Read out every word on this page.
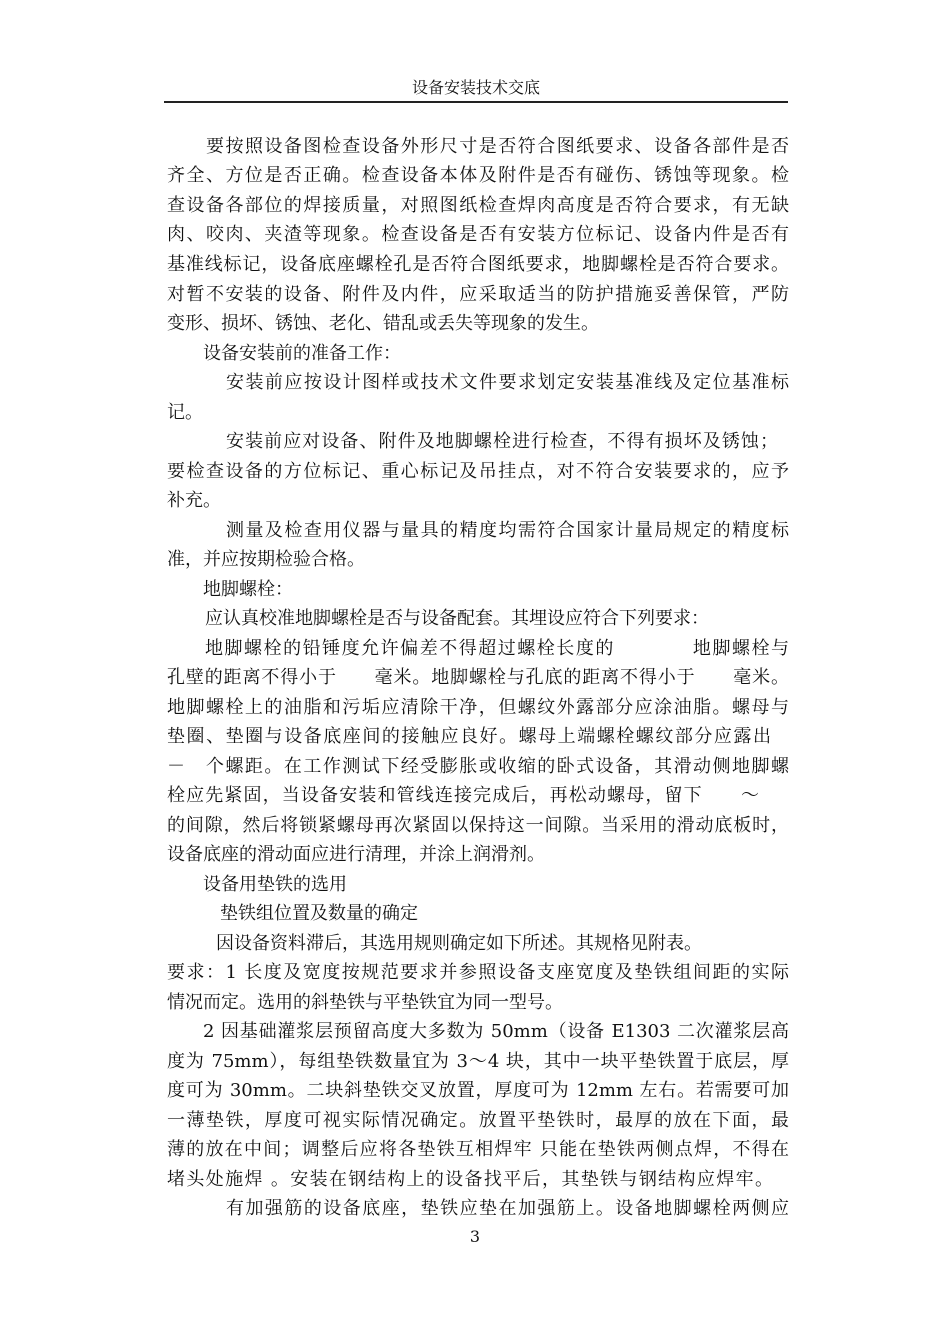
设备安装技术交底
要按照设备图检查设备外形尺寸是否符合图纸要求、设备各部件是否
齐全、方位是否正确。检查设备本体及附件是否有碰伤、锈蚀等现象。检
查设备各部位的焊接质量，对照图纸检查焊肉高度是否符合要求，有无缺
肉、咬肉、夹渣等现象。检查设备是否有安装方位标记、设备内件是否有
基准线标记，设备底座螺栓孔是否符合图纸要求，地脚螺栓是否符合要求。
对暂不安装的设备、附件及内件，应采取适当的防护措施妥善保管，严防
变形、损坏、锈蚀、老化、错乱或丢失等现象的发生。
设备安装前的准备工作：
安装前应按设计图样或技术文件要求划定安装基准线及定位基准标
记。
安装前应对设备、附件及地脚螺栓进行检查，不得有损坏及锈蚀；
要检查设备的方位标记、重心标记及吊挂点，对不符合安装要求的，应予
补充。
测量及检查用仪器与量具的精度均需符合国家计量局规定的精度标
准，并应按期检验合格。
地脚螺栓：
应认真校准地脚螺栓是否与设备配套。其埋设应符合下列要求：
地脚螺栓的铅锤度允许偏差不得超过螺栓长度的　　　　地脚螺栓与
孔壁的距离不得小于　　毫米。地脚螺栓与孔底的距离不得小于　　毫米。
地脚螺栓上的油脂和污垢应清除干净，但螺纹外露部分应涂油脂。螺母与
垫圈、垫圈与设备底座间的接触应良好。螺母上端螺栓螺纹部分应露出
－　个螺距。在工作测试下经受膨胀或收缩的卧式设备，其滑动侧地脚螺
栓应先紧固，当设备安装和管线连接完成后，再松动螺母，留下　　～
的间隙，然后将锁紧螺母再次紧固以保持这一间隙。当采用的滑动底板时，
设备底座的滑动面应进行清理，并涂上润滑剂。
设备用垫铁的选用
垫铁组位置及数量的确定
因设备资料滞后，其选用规则确定如下所述。其规格见附表。
要求：1 长度及宽度按规范要求并参照设备支座宽度及垫铁组间距的实际
情况而定。选用的斜垫铁与平垫铁宜为同一型号。
2 因基础灌浆层预留高度大多数为 50mm（设备 E1303 二次灌浆层高
度为 75mm），每组垫铁数量宜为 3～4 块，其中一块平垫铁置于底层，厚
度可为 30mm。二块斜垫铁交叉放置，厚度可为 12mm 左右。若需要可加
一薄垫铁，厚度可视实际情况确定。放置平垫铁时，最厚的放在下面，最
薄的放在中间；调整后应将各垫铁互相焊牢 只能在垫铁两侧点焊，不得在
堵头处施焊 。安装在钢结构上的设备找平后，其垫铁与钢结构应焊牢。
有加强筋的设备底座，垫铁应垫在加强筋上。设备地脚螺栓两侧应
3
